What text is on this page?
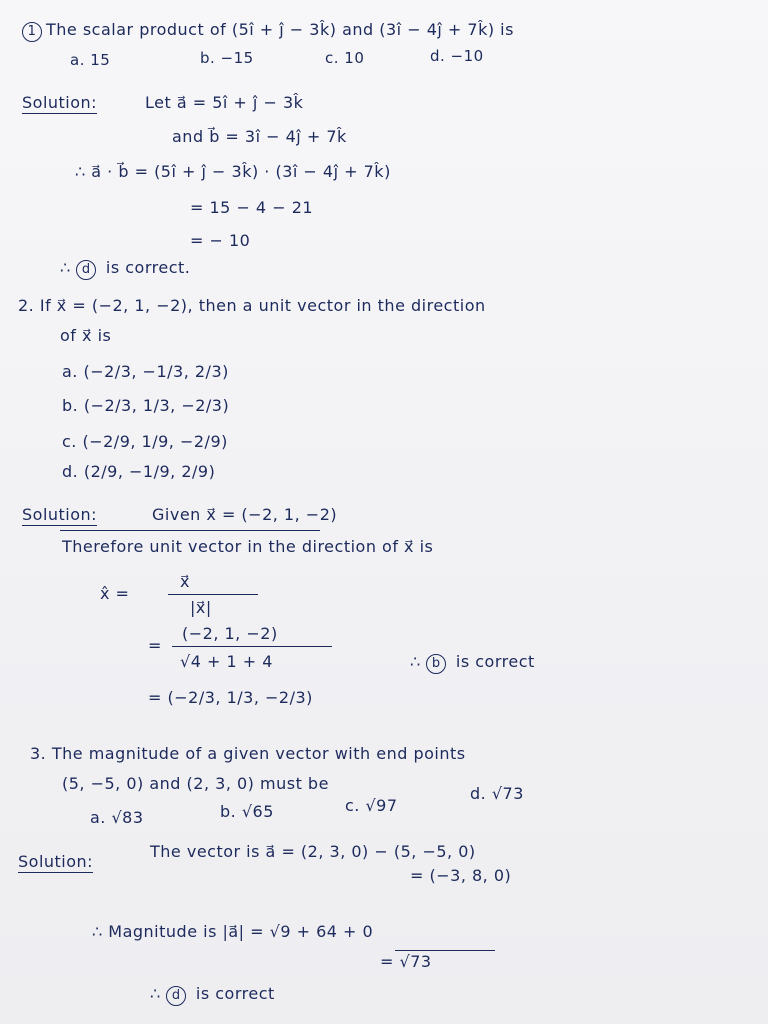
1 The scalar product of (5î + ĵ − 3k̂) and (3î − 4ĵ + 7k̂) is
a. 15	b. −15	c. 10	d. −10
Solution:	Let a⃗ = 5î + ĵ − 3k̂
and b⃗ = 3î − 4ĵ + 7k̂
∴ a⃗ · b⃗ = (5î + ĵ − 3k̂) · (3î − 4ĵ + 7k̂)
= 15 − 4 − 21
= − 10
∴ d is correct.
2. If x⃗ = (−2, 1, −2), then a unit vector in the direction
of x⃗ is
a. (−2/3, −1/3, 2/3)
b. (−2/3, 1/3, −2/3)
c. (−2/9, 1/9, −2/9)
d. (2/9, −1/9, 2/9)
Solution:	Given x⃗ = (−2, 1, −2)
Therefore unit vector in the direction of x⃗ is
x̂ =
x⃗
|x⃗|
=
(−2, 1, −2)
√4 + 1 + 4	∴ b is correct
= (−2/3, 1/3, −2/3)
3. The magnitude of a given vector with end points
(5, −5, 0) and (2, 3, 0) must be
a. √83	b. √65	c. √97
d. √73
Solution:
The vector is a⃗ = (2, 3, 0) − (5, −5, 0)
= (−3, 8, 0)
∴ Magnitude is |a⃗| = √9 + 64 + 0
= √73
∴ d is correct
